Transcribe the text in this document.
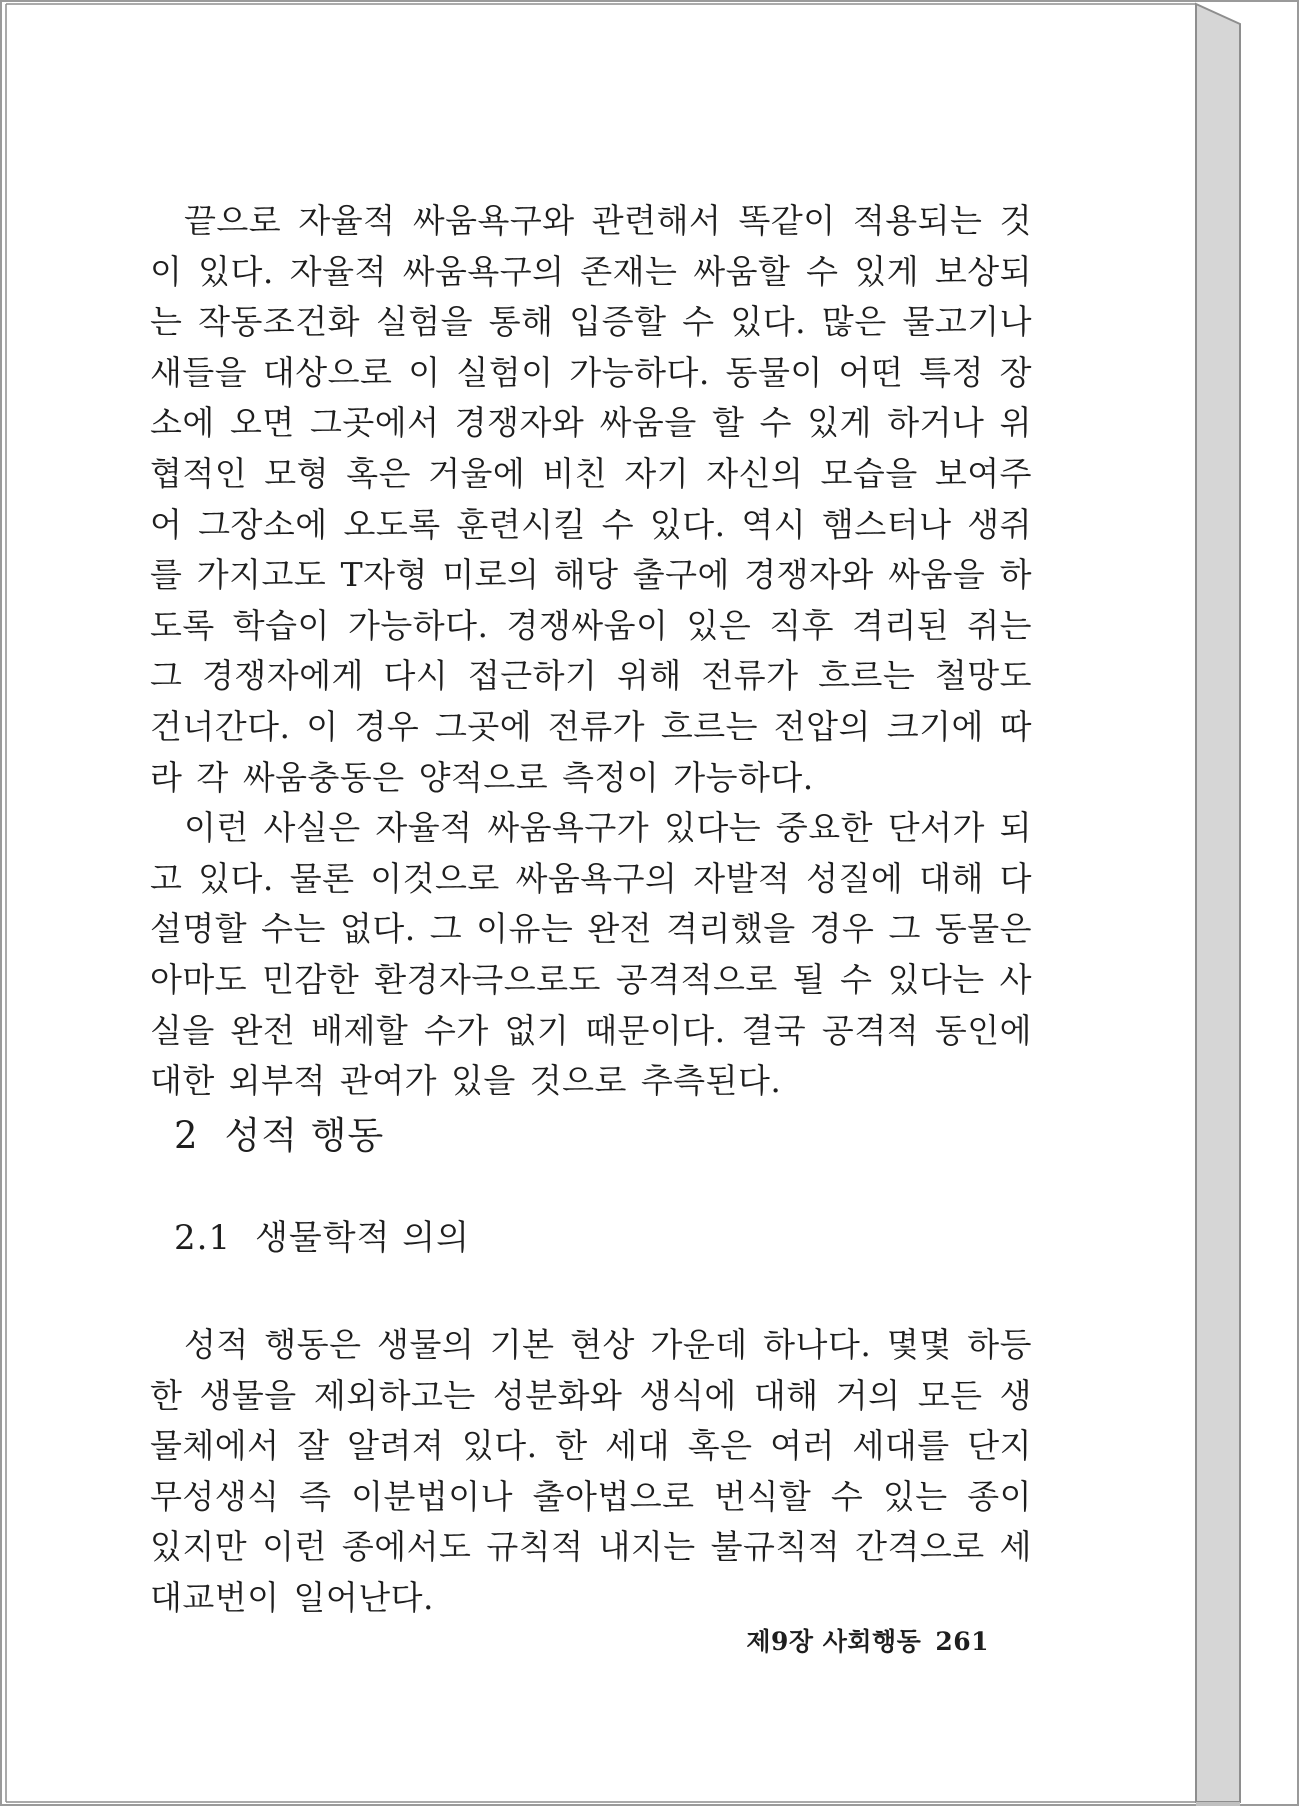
끝으로 자율적 싸움욕구와 관련해서 똑같이 적용되는 것이 있다. 자율적 싸움욕구의 존재는 싸움할 수 있게 보상되는 작동조건화 실험을 통해 입증할 수 있다. 많은 물고기나 새들을 대상으로 이 실험이 가능하다. 동물이 어떤 특정 장소에 오면 그곳에서 경쟁자와 싸움을 할 수 있게 하거나 위협적인 모형 혹은 거울에 비친 자기 자신의 모습을 보여주어 그장소에 오도록 훈련시킬 수 있다. 역시 햄스터나 생쥐를 가지고도 T자형 미로의 해당 출구에 경쟁자와 싸움을 하도록 학습이 가능하다. 경쟁싸움이 있은 직후 격리된 쥐는 그 경쟁자에게 다시 접근하기 위해 전류가 흐르는 철망도 건너간다. 이 경우 그곳에 전류가 흐르는 전압의 크기에 따라 각 싸움충동은 양적으로 측정이 가능하다.

이런 사실은 자율적 싸움욕구가 있다는 중요한 단서가 되고 있다. 물론 이것으로 싸움욕구의 자발적 성질에 대해 다 설명할 수는 없다. 그 이유는 완전 격리했을 경우 그 동물은 아마도 민감한 환경자극으로도 공격적으로 될 수 있다는 사실을 완전 배제할 수가 없기 때문이다. 결국 공격적 동인에 대한 외부적 관여가 있을 것으로 추측된다.

2 성적 행동
2.1 생물학적 의의

성적 행동은 생물의 기본 현상 가운데 하나다. 몇몇 하등한 생물을 제외하고는 성분화와 생식에 대해 거의 모든 생물체에서 잘 알려져 있다. 한 세대 혹은 여러 세대를 단지 무성생식 즉 이분법이나 출아법으로 번식할 수 있는 종이 있지만 이런 종에서도 규칙적 내지는 불규칙적 간격으로 세대교번이 일어난다.

제9장 사회행동 261
